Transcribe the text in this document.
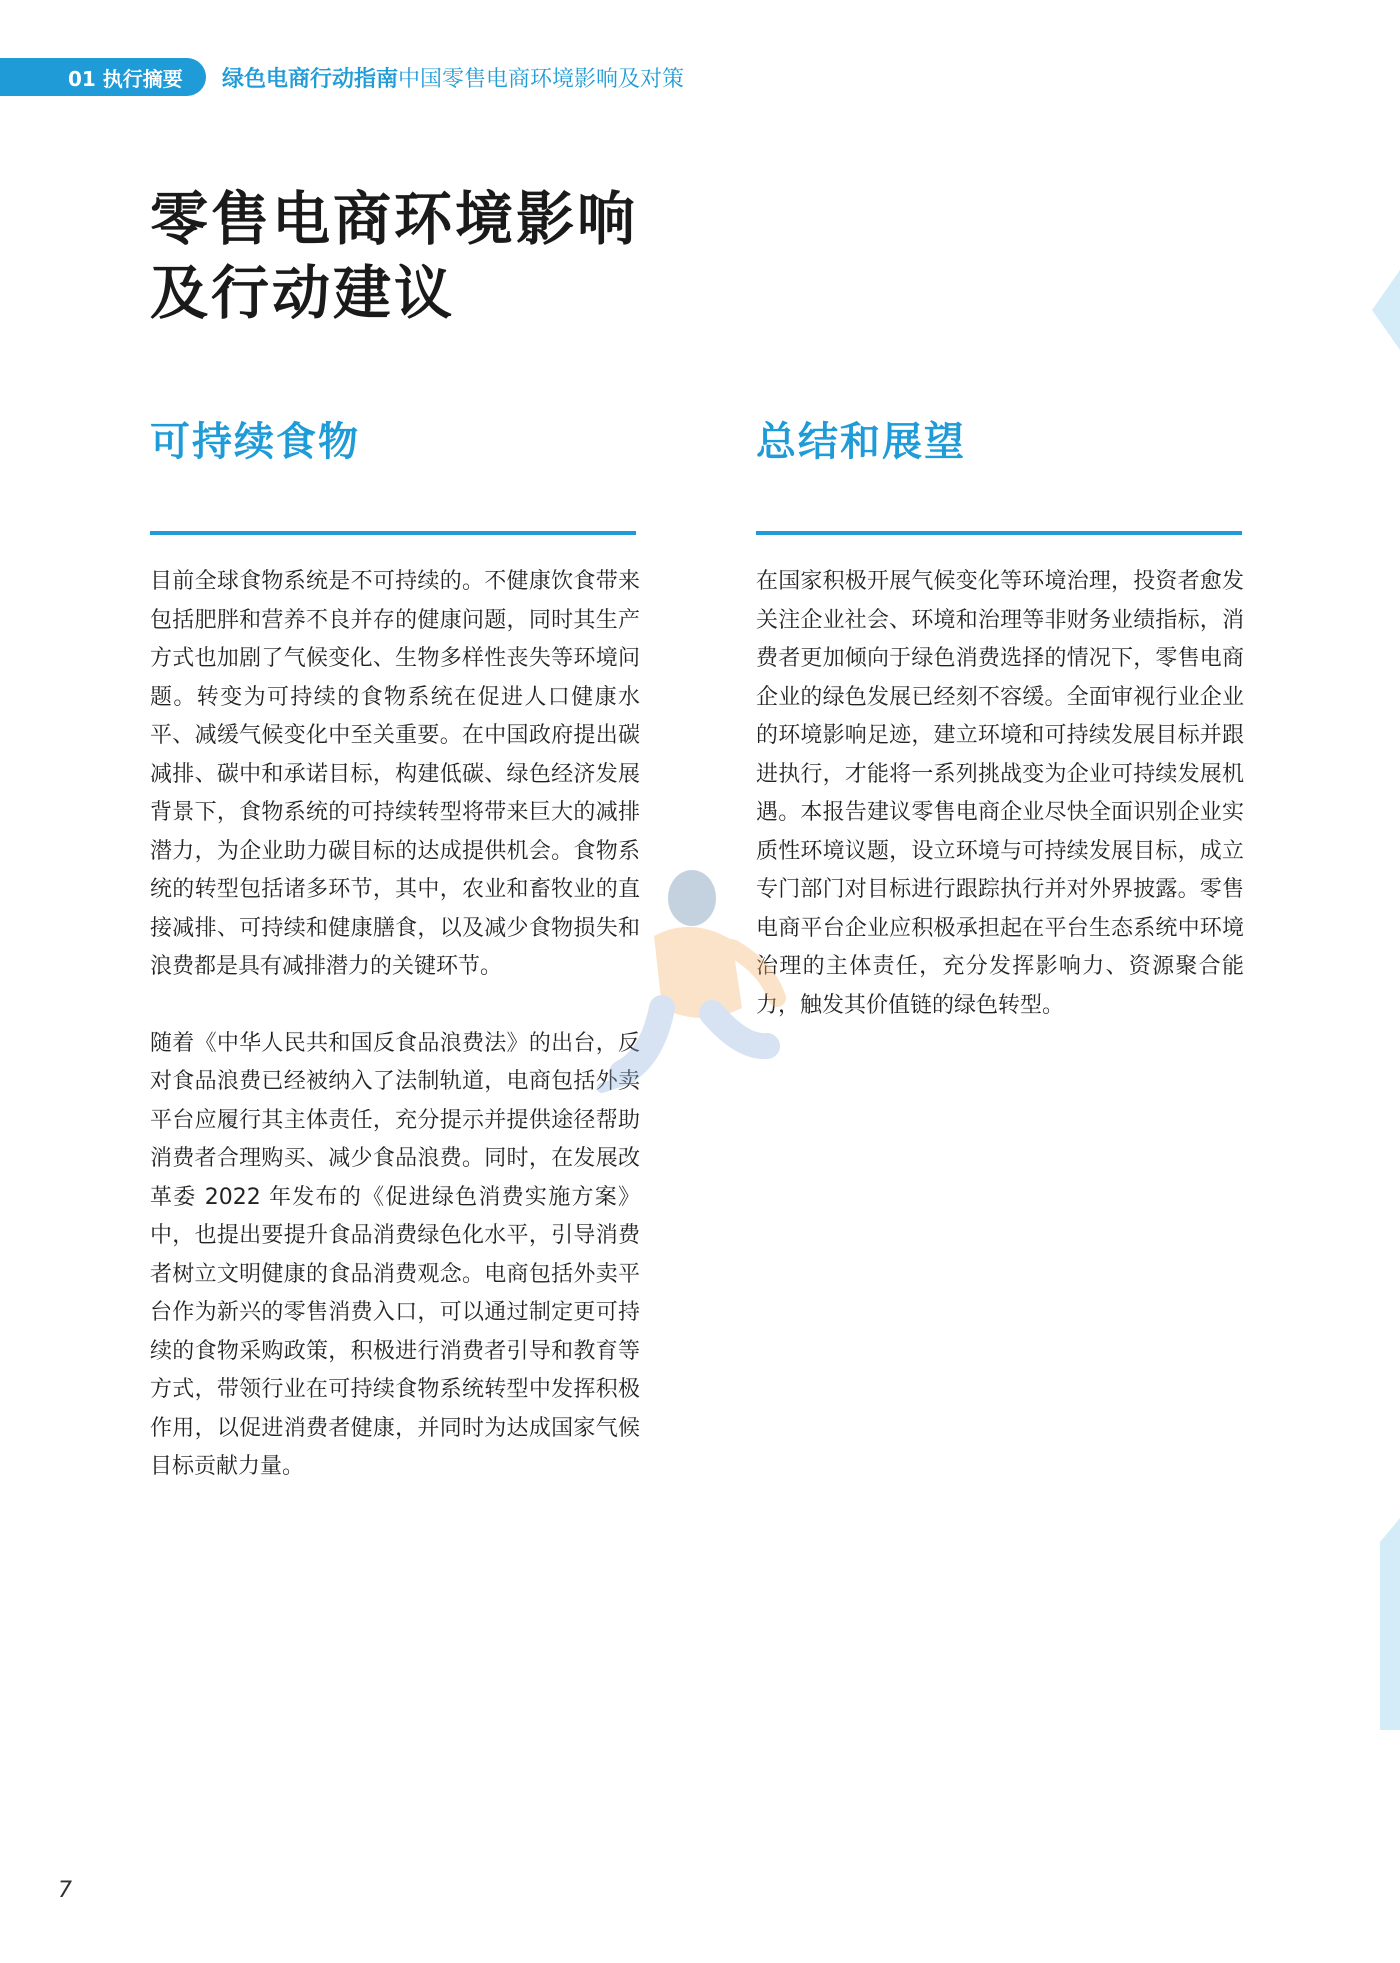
01 执行摘要	绿色电商行动指南 中国零售电商环境影响及对策
零售电商环境影响
及行动建议
可持续食物

目前全球食物系统是不可持续的。不健康饮食带来包括肥胖和营养不良并存的健康问题，同时其生产方式也加剧了气候变化、生物多样性丧失等环境问题。转变为可持续的食物系统在促进人口健康水平、减缓气候变化中至关重要。在中国政府提出碳减排、碳中和承诺目标，构建低碳、绿色经济发展背景下，食物系统的可持续转型将带来巨大的减排潜力，为企业助力碳目标的达成提供机会。食物系统的转型包括诸多环节，其中，农业和畜牧业的直接减排、可持续和健康膳食，以及减少食物损失和浪费都是具有减排潜力的关键环节。

随着《中华人民共和国反食品浪费法》的出台，反对食品浪费已经被纳入了法制轨道，电商包括外卖平台应履行其主体责任，充分提示并提供途径帮助消费者合理购买、减少食品浪费。同时，在发展改革委 2022 年发布的《促进绿色消费实施方案》中，也提出要提升食品消费绿色化水平，引导消费者树立文明健康的食品消费观念。电商包括外卖平台作为新兴的零售消费入口，可以通过制定更可持续的食物采购政策，积极进行消费者引导和教育等方式，带领行业在可持续食物系统转型中发挥积极作用，以促进消费者健康，并同时为达成国家气候目标贡献力量。

总结和展望

在国家积极开展气候变化等环境治理，投资者愈发关注企业社会、环境和治理等非财务业绩指标，消费者更加倾向于绿色消费选择的情况下，零售电商企业的绿色发展已经刻不容缓。全面审视行业企业的环境影响足迹，建立环境和可持续发展目标并跟进执行，才能将一系列挑战变为企业可持续发展机遇。本报告建议零售电商企业尽快全面识别企业实质性环境议题，设立环境与可持续发展目标，成立专门部门对目标进行跟踪执行并对外界披露。零售电商平台企业应积极承担起在平台生态系统中环境治理的主体责任，充分发挥影响力、资源聚合能力，触发其价值链的绿色转型。

7
